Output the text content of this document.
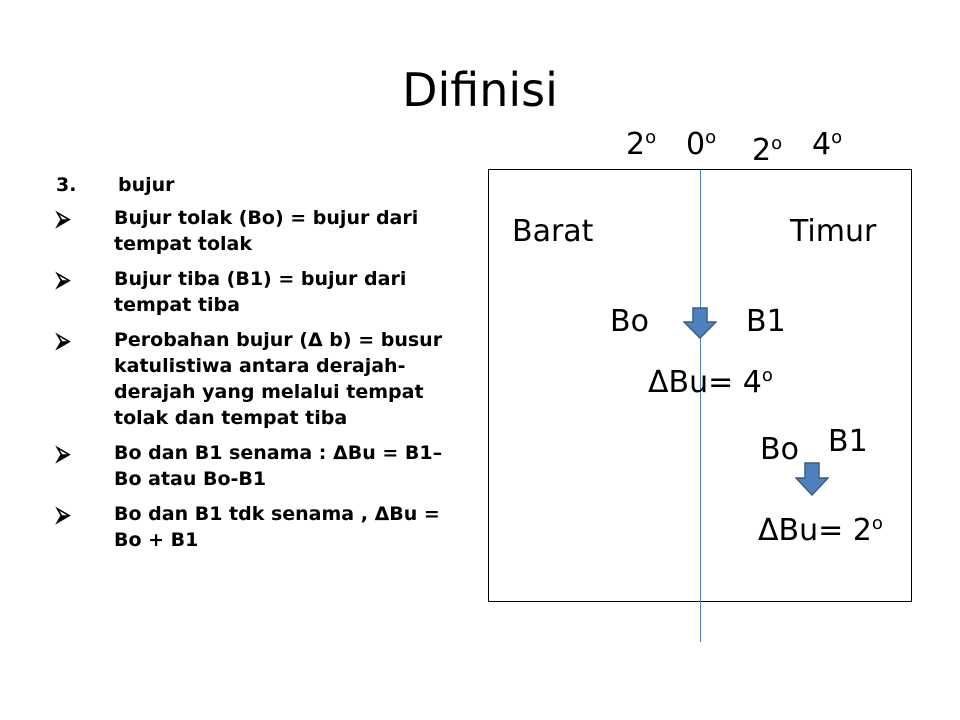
Difinisi
3.	bujur
⮚	Bujur tolak (Bo) = bujur dari tempat tolak
⮚	Bujur tiba (B1) = bujur dari tempat tiba
⮚	Perobahan bujur (Δ b) = busur katulistiwa antara derajah- derajah yang melalui tempat tolak dan tempat tiba
⮚	Bo dan B1 senama : ΔBu = B1–Bo atau Bo-B1
⮚	Bo dan B1 tdk senama , ΔBu = Bo + B1
2$^o$ 0$^o$ 2$^o$ 4$^o$
Barat	Timur
Bo	B1
$\Delta Bu= 4^o$
Bo B1
$\Delta Bu= 2^o$
